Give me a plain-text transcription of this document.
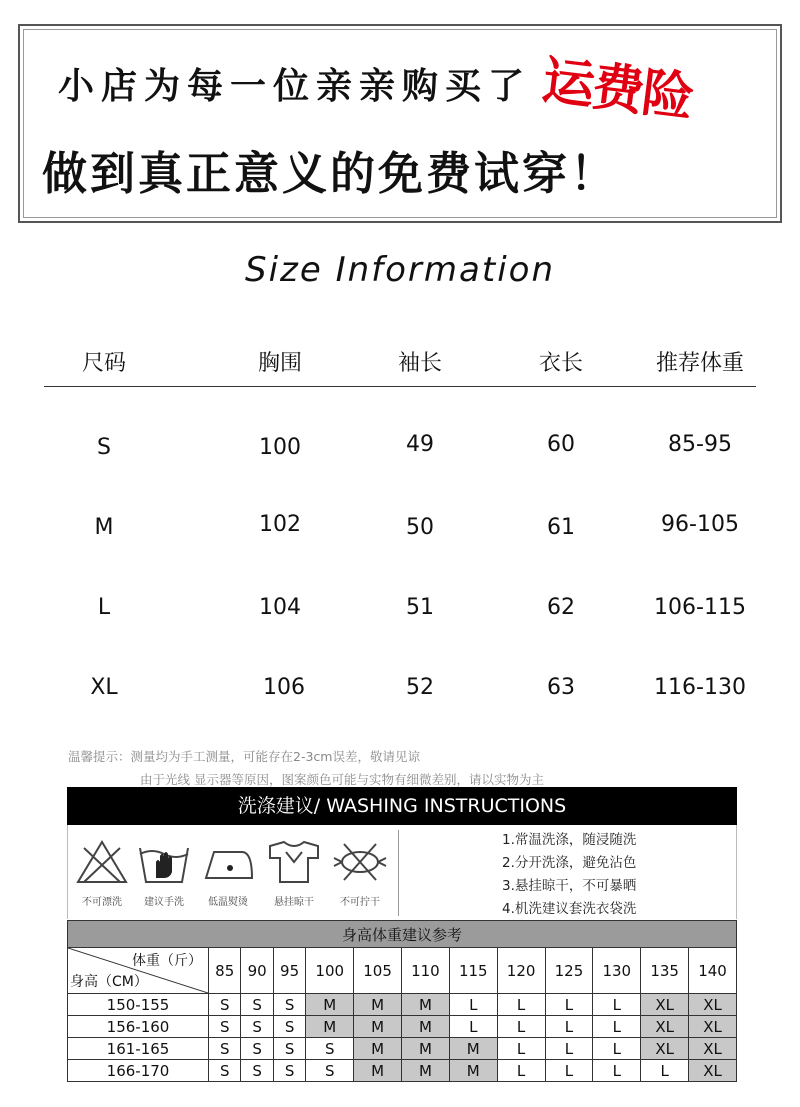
小店为每一位亲亲购买了 运费险
做到真正意义的免费试穿！
Size Information
尺码	胸围	袖长	衣长	推荐体重
S	100	49	60	85-95
M	102	50	61	96-105
L	104	51	62	106-115
XL	106	52	63	116-130
温馨提示：测量均为手工测量，可能存在2-3cm误差，敬请见谅
由于光线 显示器等原因，图案颜色可能与实物有细微差别，请以实物为主
洗涤建议/ WASHING INSTRUCTIONS
不可漂洗	建议手洗	低温熨烫	悬挂晾干	不可拧干
1.常温洗涤，随浸随洗
2.分开洗涤，避免沾色
3.悬挂晾干，不可暴晒
4.机洗建议套洗衣袋洗
身高体重建议参考
体重（斤）
身高（CM）	85	90	95	100	105	110	115	120	125	130	135	140
150-155	S	S	S	M	M	M	L	L	L	L	XL	XL
156-160	S	S	S	M	M	M	L	L	L	L	XL	XL
161-165	S	S	S	S	M	M	M	L	L	L	XL	XL
166-170	S	S	S	S	M	M	M	L	L	L	L	XL
